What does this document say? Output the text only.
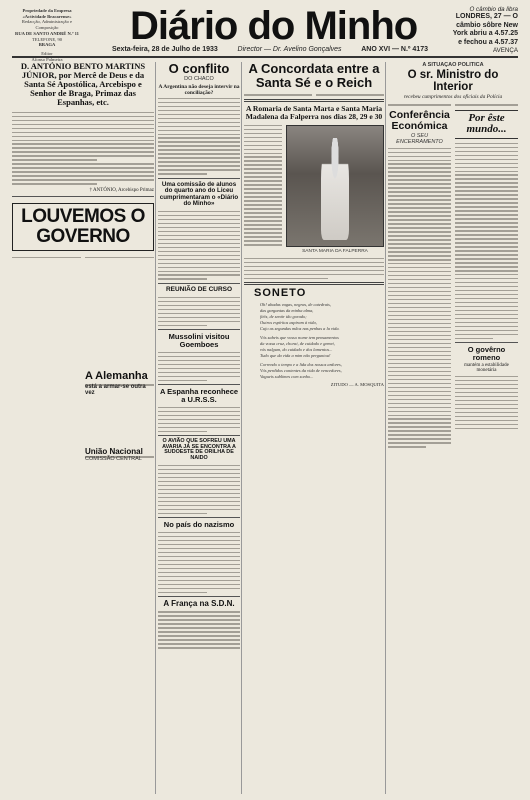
Propriedade da Empresa
«Actividade Bracarense»
Redacção, Administração e Composição
RUA DE SANTO ANDRÉ N.º 11
TELEFONE, 90
BRAGA
Editor
Afonso Palmeira
Diário do Minho	O câmbio da libra
LONDRES, 27 — O
câmbio sôbre New
York abriu a 4.57.25
e fechou a 4.57.37
AVENÇA
Sexta-feira, 28 de Julho de 1933	Director — Dr. Avelino Gonçalves	ANO XVI — N.º 4173
D. ANTÓNIO BENTO MARTINS JÚNIOR, por Mercê de Deus e da Santa Sé Apostólica, Arcebispo e Senhor de Braga, Primaz das Espanhas, etc.
† ANTÓNIO, Arcebispo Primaz
LOUVEMOS O GOVERNO
A Alemanha
está a armar-se outra vez
União Nacional
COMISSÃO CENTRAL
O conflito
DO CHACO
A Argentina não deseja intervir na conciliação?
Uma comissão de alunos do quarto ano do Liceu cumprimentaram o «Diário do Minho»
REUNIÃO DE CURSO
Mussolini visitou Goemboes
A Espanha reconhece a U.R.S.S.
O AVIÃO QUE SOFREU UMA AVARIA JÁ SE ENCONTRA A SUDOESTE DE ORILHA DE NAIDO
No país do nazismo
A França na S.D.N.
A Concordata entre a Santa Sé e o Reich
A Romaria de Santa Marta e Santa Maria Madalena da Falperra nos dias 28, 29 e 30
SANTA MARIA DA FALPERRA
SONETO
Oh! abadas vagas, negras, de catedrais,
das gargantas da minha alma,
fiéis, de sentir tão gorado;
Outros espíritos aspiram à vida,
Cujo as segundas mãos nas penhas a la vida.
Vós sabeis que vosso nome tem pensamentos
da vossa cruz, chorai, de cuidado e gemei,
vós nalgum, do cuidado e dos lamentos...
Tudo que da vida a mim não perguntou!
Correndo o tempo e a lida dos nossos ardores,
Vós perdidos contentes da vida de vencedores,
Vagueis sublimes com sonho...
ZITUDO — A. MOSQUITA
A SITUAÇÃO POLÍTICA
O sr. Ministro do Interior
recebeu cumprimentos dos oficiais da Polícia
Conferência Económica
O SEU ENCERRAMENTO
Por êste mundo...
O govêrno romeno
mantém a estabilidade monetária
